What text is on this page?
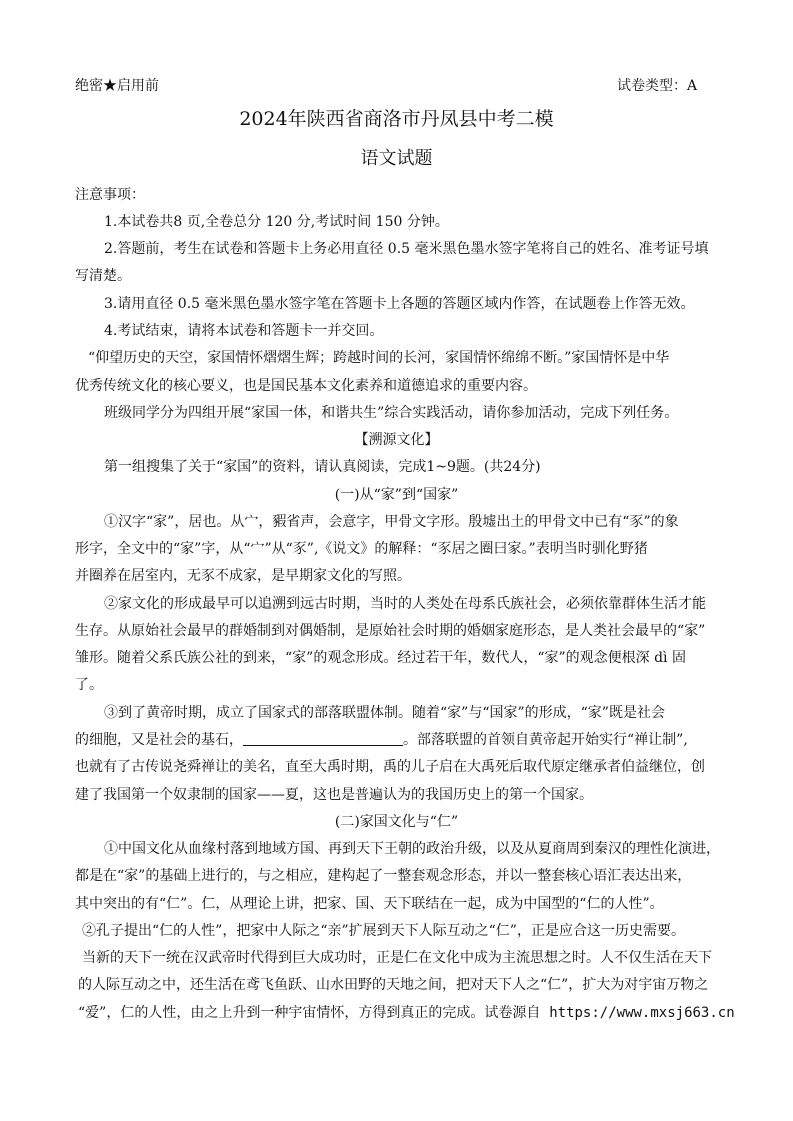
绝密★启用前	试卷类型：A
2024年陕西省商洛市丹凤县中考二模
语文试题
注意事项：
1.本试卷共8 页,全卷总分 120 分,考试时间 150 分钟。
2.答题前，考生在试卷和答题卡上务必用直径 0.5 毫米黑色墨水签字笔将自己的姓名、准考证号填
写清楚。
3.请用直径 0.5 毫米黑色墨水签字笔在答题卡上各题的答题区域内作答，在试题卷上作答无效。
4.考试结束，请将本试卷和答题卡一并交回。
“仰望历史的天空，家国情怀熠熠生辉；跨越时间的长河，家国情怀绵绵不断。”家国情怀是中华
优秀传统文化的核心要义，也是国民基本文化素养和道德追求的重要内容。
班级同学分为四组开展“家国一体，和谐共生”综合实践活动，请你参加活动，完成下列任务。
【溯源文化】
第一组搜集了关于“家国”的资料，请认真阅读，完成1~9题。(共24分)
(一)从“家”到“国家”
①汉字“家”，居也。从宀，豭省声，会意字，甲骨文字形。殷墟出土的甲骨文中已有“豕”的象
形字，全文中的“家”字，从“宀”从“豕”,《说文》的解释：“豕居之圈曰家。”表明当时驯化野猪
并圈养在居室内，无豕不成家，是早期家文化的写照。
②家文化的形成最早可以追溯到远古时期，当时的人类处在母系氏族社会，必须依靠群体生活才能
生存。从原始社会最早的群婚制到对偶婚制，是原始社会时期的婚姻家庭形态，是人类社会最早的“家”
雏形。随着父系氏族公社的到来，“家”的观念形成。经过若干年，数代人，“家”的观念便根深 dì 固
了。
③到了黄帝时期，成立了国家式的部落联盟体制。随着“家”与“国家”的形成，“家”既是社会
的细胞，又是社会的基石，	。部落联盟的首领自黄帝起开始实行“禅让制”,
也就有了古传说尧舜禅让的美名，直至大禹时期，禹的儿子启在大禹死后取代原定继承者伯益继位，创
建了我国第一个奴隶制的国家——夏，这也是普遍认为的我国历史上的第一个国家。
(二)家国文化与“仁”
①中国文化从血缘村落到地域方国、再到天下王朝的政治升级，以及从夏商周到秦汉的理性化演进，
都是在“家”的基础上进行的，与之相应，建构起了一整套观念形态，并以一整套核心语汇表达出来，
其中突出的有“仁”。仁，从理论上讲，把家、国、天下联结在一起，成为中国型的“仁的人性”。
②孔子提出“仁的人性”，把家中人际之“亲”扩展到天下人际互动之“仁”，正是应合这一历史需要。
当新的天下一统在汉武帝时代得到巨大成功时，正是仁在文化中成为主流思想之时。人不仅生活在天下
的人际互动之中，还生活在鸢飞鱼跃、山水田野的天地之间，把对天下人之“仁”，扩大为对宇宙万物之
“爱”，仁的人性，由之上升到一种宇宙情怀，方得到真正的完成。试卷源自 https://www.mxsj663.cn
